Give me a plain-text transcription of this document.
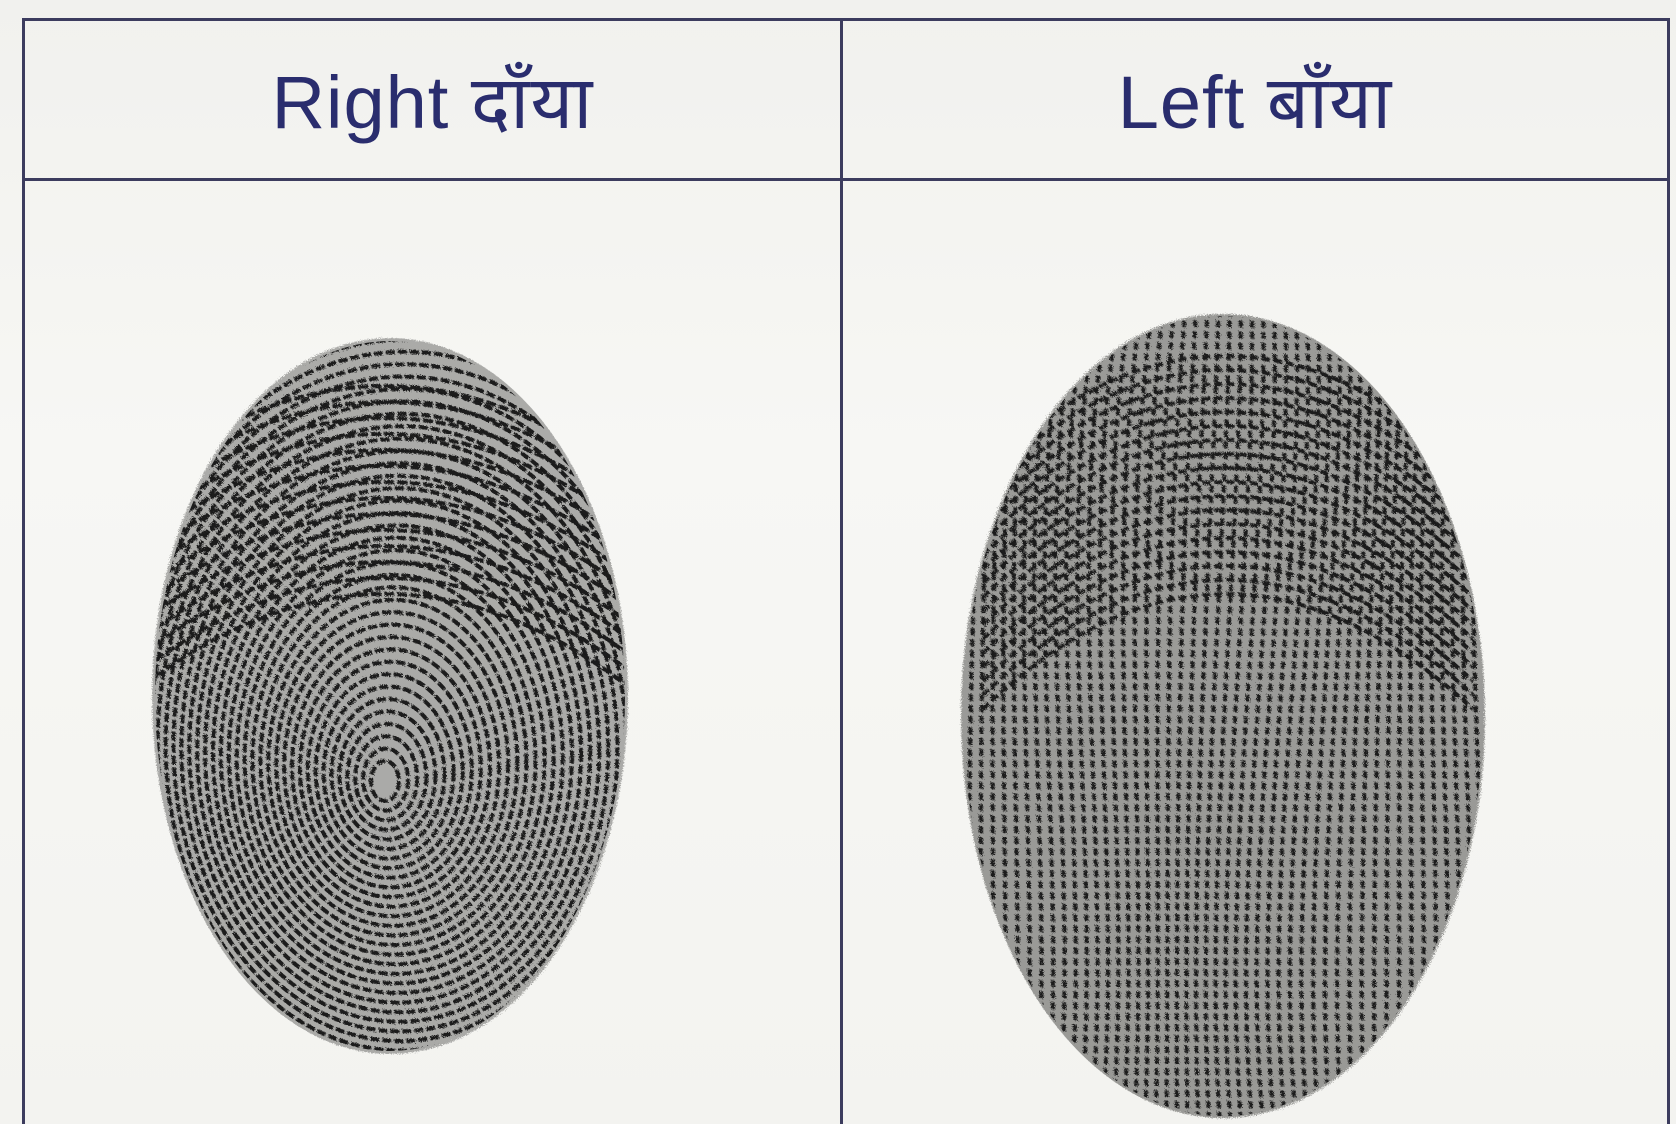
Right दाँया	Left बाँया
